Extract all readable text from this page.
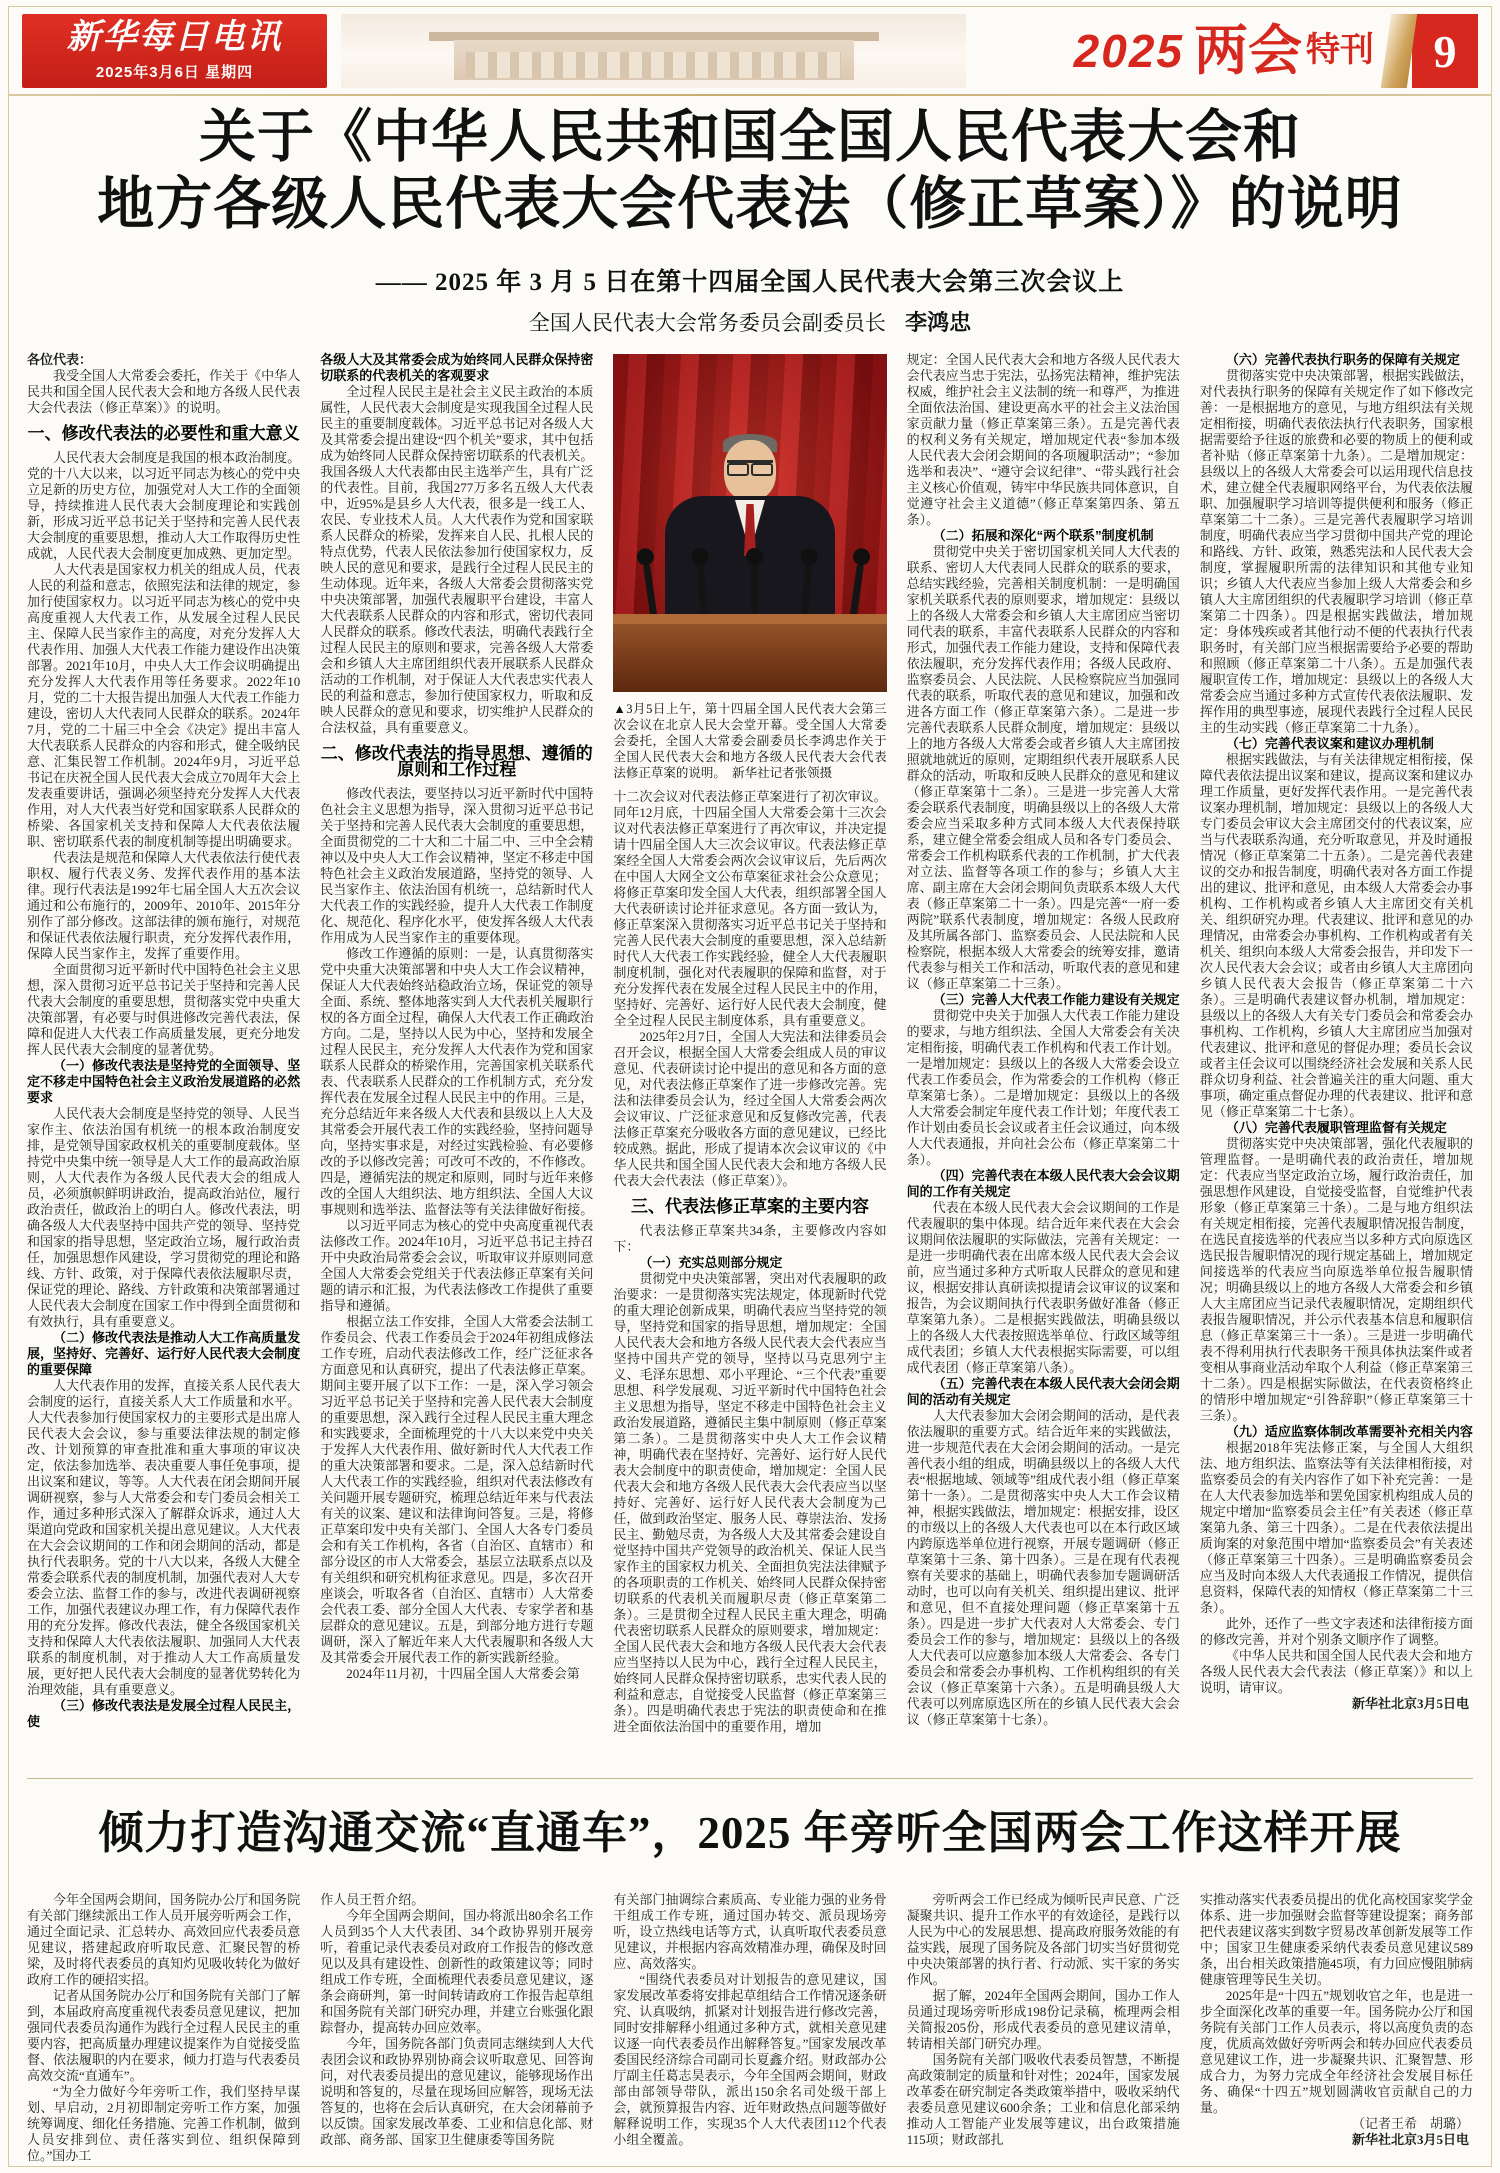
新华每日电讯
2025年3月6日 星期四	2025 两会 特刊	9
关于《中华人民共和国全国人民代表大会和
地方各级人民代表大会代表法（修正草案）》的说明
—— 2025 年 3 月 5 日在第十四届全国人民代表大会第三次会议上
全国人民代表大会常务委员会副委员长 李鸿忠
各位代表：
我受全国人大常委会委托，作关于《中华人民共和国全国人民代表大会和地方各级人民代表大会代表法（修正草案）》的说明。
一、修改代表法的必要性和重大意义
人民代表大会制度是我国的根本政治制度。党的十八大以来，以习近平同志为核心的党中央立足新的历史方位，加强党对人大工作的全面领导，持续推进人民代表大会制度理论和实践创新，形成习近平总书记关于坚持和完善人民代表大会制度的重要思想，推动人大工作取得历史性成就，人民代表大会制度更加成熟、更加定型。
人大代表是国家权力机关的组成人员，代表人民的利益和意志，依照宪法和法律的规定，参加行使国家权力。以习近平同志为核心的党中央高度重视人大代表工作，从发展全过程人民民主、保障人民当家作主的高度，对充分发挥人大代表作用、加强人大代表工作能力建设作出决策部署。2021年10月，中央人大工作会议明确提出充分发挥人大代表作用等任务要求。2022年10月，党的二十大报告提出加强人大代表工作能力建设，密切人大代表同人民群众的联系。2024年7月，党的二十届三中全会《决定》提出丰富人大代表联系人民群众的内容和形式，健全吸纳民意、汇集民智工作机制。2024年9月，习近平总书记在庆祝全国人民代表大会成立70周年大会上发表重要讲话，强调必须坚持充分发挥人大代表作用，对人大代表当好党和国家联系人民群众的桥梁、各国家机关支持和保障人大代表依法履职、密切联系代表的制度机制等提出明确要求。
代表法是规范和保障人大代表依法行使代表职权、履行代表义务、发挥代表作用的基本法律。现行代表法是1992年七届全国人大五次会议通过和公布施行的，2009年、2010年、2015年分别作了部分修改。这部法律的颁布施行，对规范和保证代表依法履行职责，充分发挥代表作用，保障人民当家作主，发挥了重要作用。
全面贯彻习近平新时代中国特色社会主义思想，深入贯彻习近平总书记关于坚持和完善人民代表大会制度的重要思想，贯彻落实党中央重大决策部署，有必要与时俱进修改完善代表法，保障和促进人大代表工作高质量发展，更充分地发挥人民代表大会制度的显著优势。
（一）修改代表法是坚持党的全面领导、坚定不移走中国特色社会主义政治发展道路的必然要求
人民代表大会制度是坚持党的领导、人民当家作主、依法治国有机统一的根本政治制度安排，是党领导国家政权机关的重要制度载体。坚持党中央集中统一领导是人大工作的最高政治原则，人大代表作为各级人民代表大会的组成人员，必须旗帜鲜明讲政治，提高政治站位，履行政治责任，做政治上的明白人。修改代表法，明确各级人大代表坚持中国共产党的领导、坚持党和国家的指导思想，坚定政治立场，履行政治责任，加强思想作风建设，学习贯彻党的理论和路线、方针、政策，对于保障代表依法履职尽责，保证党的理论、路线、方针政策和决策部署通过人民代表大会制度在国家工作中得到全面贯彻和有效执行，具有重要意义。
（二）修改代表法是推动人大工作高质量发展，坚持好、完善好、运行好人民代表大会制度的重要保障
人大代表作用的发挥，直接关系人民代表大会制度的运行，直接关系人大工作质量和水平。人大代表参加行使国家权力的主要形式是出席人民代表大会会议，参与重要法律法规的制定修改、计划预算的审查批准和重大事项的审议决定，依法参加选举、表决重要人事任免事项，提出议案和建议，等等。人大代表在闭会期间开展调研视察，参与人大常委会和专门委员会相关工作，通过多种形式深入了解群众诉求，通过人大渠道向党政和国家机关提出意见建议。人大代表在大会会议期间的工作和闭会期间的活动，都是执行代表职务。党的十八大以来，各级人大健全常委会联系代表的制度机制，加强代表对人大专委会立法、监督工作的参与，改进代表调研视察工作，加强代表建议办理工作，有力保障代表作用的充分发挥。修改代表法，健全各级国家机关支持和保障人大代表依法履职、加强同人大代表联系的制度机制，对于推动人大工作高质量发展，更好把人民代表大会制度的显著优势转化为治理效能，具有重要意义。
（三）修改代表法是发展全过程人民民主，使
各级人大及其常委会成为始终同人民群众保持密切联系的代表机关的客观要求
全过程人民民主是社会主义民主政治的本质属性，人民代表大会制度是实现我国全过程人民民主的重要制度载体。习近平总书记对各级人大及其常委会提出建设“四个机关”要求，其中包括成为始终同人民群众保持密切联系的代表机关。我国各级人大代表都由民主选举产生，具有广泛的代表性。目前，我国277万多名五级人大代表中，近95%是县乡人大代表，很多是一线工人、农民、专业技术人员。人大代表作为党和国家联系人民群众的桥梁，发挥来自人民、扎根人民的特点优势，代表人民依法参加行使国家权力，反映人民的意见和要求，是践行全过程人民民主的生动体现。近年来，各级人大常委会贯彻落实党中央决策部署，加强代表履职平台建设，丰富人大代表联系人民群众的内容和形式，密切代表同人民群众的联系。修改代表法，明确代表践行全过程人民民主的原则和要求，完善各级人大常委会和乡镇人大主席团组织代表开展联系人民群众活动的工作机制，对于保证人大代表忠实代表人民的利益和意志，参加行使国家权力，听取和反映人民群众的意见和要求，切实维护人民群众的合法权益，具有重要意义。
二、修改代表法的指导思想、遵循的原则和工作过程
修改代表法，要坚持以习近平新时代中国特色社会主义思想为指导，深入贯彻习近平总书记关于坚持和完善人民代表大会制度的重要思想，全面贯彻党的二十大和二十届二中、三中全会精神以及中央人大工作会议精神，坚定不移走中国特色社会主义政治发展道路，坚持党的领导、人民当家作主、依法治国有机统一，总结新时代人大代表工作的实践经验，提升人大代表工作制度化、规范化、程序化水平，使发挥各级人大代表作用成为人民当家作主的重要体现。
修改工作遵循的原则：一是，认真贯彻落实党中央重大决策部署和中央人大工作会议精神，保证人大代表始终站稳政治立场，保证党的领导全面、系统、整体地落实到人大代表机关履职行权的各方面全过程，确保人大代表工作正确政治方向。二是，坚持以人民为中心，坚持和发展全过程人民民主，充分发挥人大代表作为党和国家联系人民群众的桥梁作用，完善国家机关联系代表、代表联系人民群众的工作机制方式，充分发挥代表在发展全过程人民民主中的作用。三是，充分总结近年来各级人大代表和县级以上人大及其常委会开展代表工作的实践经验，坚持问题导向，坚持实事求是，对经过实践检验、有必要修改的予以修改完善；可改可不改的，不作修改。四是，遵循宪法的规定和原则，同时与近年来修改的全国人大组织法、地方组织法、全国人大议事规则和选举法、监督法等有关法律做好衔接。
以习近平同志为核心的党中央高度重视代表法修改工作。2024年10月，习近平总书记主持召开中央政治局常委会会议，听取审议并原则同意全国人大常委会党组关于代表法修正草案有关问题的请示和汇报，为代表法修改工作提供了重要指导和遵循。
根据立法工作安排，全国人大常委会法制工作委员会、代表工作委员会于2024年初组成修法工作专班，启动代表法修改工作，经广泛征求各方面意见和认真研究，提出了代表法修正草案。期间主要开展了以下工作：一是，深入学习领会习近平总书记关于坚持和完善人民代表大会制度的重要思想，深入践行全过程人民民主重大理念和实践要求，全面梳理党的十八大以来党中央关于发挥人大代表作用、做好新时代人大代表工作的重大决策部署和要求。二是，深入总结新时代人大代表工作的实践经验，组织对代表法修改有关问题开展专题研究，梳理总结近年来与代表法有关的议案、建议和法律询问答复。三是，将修正草案印发中央有关部门、全国人大各专门委员会和有关工作机构，各省（自治区、直辖市）和部分设区的市人大常委会，基层立法联系点以及有关组织和研究机构征求意见。四是，多次召开座谈会，听取各省（自治区、直辖市）人大常委会代表工委、部分全国人大代表、专家学者和基层群众的意见建议。五是，到部分地方进行专题调研，深入了解近年来人大代表履职和各级人大及其常委会开展代表工作的新实践新经验。
2024年11月初，十四届全国人大常委会第
▲3月5日上午，第十四届全国人民代表大会第三次会议在北京人民大会堂开幕。受全国人大常委会委托，全国人大常委会副委员长李鸿忠作关于全国人民代表大会和地方各级人民代表大会代表法修正草案的说明。　新华社记者张领摄
十二次会议对代表法修正草案进行了初次审议。同年12月底，十四届全国人大常委会第十三次会议对代表法修正草案进行了再次审议，并决定提请十四届全国人大三次会议审议。代表法修正草案经全国人大常委会两次会议审议后，先后两次在中国人大网全文公布草案征求社会公众意见；将修正草案印发全国人大代表，组织部署全国人大代表研读讨论并征求意见。各方面一致认为，修正草案深入贯彻落实习近平总书记关于坚持和完善人民代表大会制度的重要思想，深入总结新时代人大代表工作实践经验，健全人大代表履职制度机制，强化对代表履职的保障和监督，对于充分发挥代表在发展全过程人民民主中的作用，坚持好、完善好、运行好人民代表大会制度，健全全过程人民民主制度体系，具有重要意义。
2025年2月7日，全国人大宪法和法律委员会召开会议，根据全国人大常委会组成人员的审议意见、代表研读讨论中提出的意见和各方面的意见，对代表法修正草案作了进一步修改完善。宪法和法律委员会认为，经过全国人大常委会两次会议审议、广泛征求意见和反复修改完善，代表法修正草案充分吸收各方面的意见建议，已经比较成熟。据此，形成了提请本次会议审议的《中华人民共和国全国人民代表大会和地方各级人民代表大会代表法（修正草案）》。
三、代表法修正草案的主要内容
代表法修正草案共34条，主要修改内容如下：
（一）充实总则部分规定
贯彻党中央决策部署，突出对代表履职的政治要求：一是贯彻落实宪法规定，体现新时代党的重大理论创新成果，明确代表应当坚持党的领导，坚持党和国家的指导思想，增加规定：全国人民代表大会和地方各级人民代表大会代表应当坚持中国共产党的领导，坚持以马克思列宁主义、毛泽东思想、邓小平理论、“三个代表”重要思想、科学发展观、习近平新时代中国特色社会主义思想为指导，坚定不移走中国特色社会主义政治发展道路，遵循民主集中制原则（修正草案第二条）。二是贯彻落实中央人大工作会议精神，明确代表在坚持好、完善好、运行好人民代表大会制度中的职责使命，增加规定：全国人民代表大会和地方各级人民代表大会代表应当以坚持好、完善好、运行好人民代表大会制度为己任，做到政治坚定、服务人民、尊崇法治、发扬民主、勤勉尽责，为各级人大及其常委会建设自觉坚持中国共产党领导的政治机关、保证人民当家作主的国家权力机关、全面担负宪法法律赋予的各项职责的工作机关、始终同人民群众保持密切联系的代表机关而履职尽责（修正草案第二条）。三是贯彻全过程人民民主重大理念，明确代表密切联系人民群众的原则要求，增加规定：全国人民代表大会和地方各级人民代表大会代表应当坚持以人民为中心，践行全过程人民民主，始终同人民群众保持密切联系，忠实代表人民的利益和意志，自觉接受人民监督（修正草案第三条）。四是明确代表忠于宪法的职责使命和在推进全面依法治国中的重要作用，增加
规定：全国人民代表大会和地方各级人民代表大会代表应当忠于宪法，弘扬宪法精神，维护宪法权威，维护社会主义法制的统一和尊严，为推进全面依法治国、建设更高水平的社会主义法治国家贡献力量（修正草案第三条）。五是完善代表的权利义务有关规定，增加规定代表“参加本级人民代表大会闭会期间的各项履职活动”；“参加选举和表决”、“遵守会议纪律”、“带头践行社会主义核心价值观，铸牢中华民族共同体意识，自觉遵守社会主义道德”（修正草案第四条、第五条）。
（二）拓展和深化“两个联系”制度机制
贯彻党中央关于密切国家机关同人大代表的联系、密切人大代表同人民群众的联系的要求，总结实践经验，完善相关制度机制：一是明确国家机关联系代表的原则要求，增加规定：县级以上的各级人大常委会和乡镇人大主席团应当密切同代表的联系，丰富代表联系人民群众的内容和形式，加强代表工作能力建设，支持和保障代表依法履职，充分发挥代表作用；各级人民政府、监察委员会、人民法院、人民检察院应当加强同代表的联系，听取代表的意见和建议，加强和改进各方面工作（修正草案第六条）。二是进一步完善代表联系人民群众制度，增加规定：县级以上的地方各级人大常委会或者乡镇人大主席团按照就地就近的原则，定期组织代表开展联系人民群众的活动，听取和反映人民群众的意见和建议（修正草案第十二条）。三是进一步完善人大常委会联系代表制度，明确县级以上的各级人大常委会应当采取多种方式同本级人大代表保持联系，建立健全常委会组成人员和各专门委员会、常委会工作机构联系代表的工作机制，扩大代表对立法、监督等各项工作的参与；乡镇人大主席、副主席在大会闭会期间负责联系本级人大代表（修正草案第二十一条）。四是完善“一府一委两院”联系代表制度，增加规定：各级人民政府及其所属各部门、监察委员会、人民法院和人民检察院，根据本级人大常委会的统筹安排，邀请代表参与相关工作和活动，听取代表的意见和建议（修正草案第二十三条）。
（三）完善人大代表工作能力建设有关规定
贯彻党中央关于加强人大代表工作能力建设的要求，与地方组织法、全国人大常委会有关决定相衔接，明确代表工作机构和代表工作计划。一是增加规定：县级以上的各级人大常委会设立代表工作委员会，作为常委会的工作机构（修正草案第七条）。二是增加规定：县级以上的各级人大常委会制定年度代表工作计划；年度代表工作计划由委员长会议或者主任会议通过，向本级人大代表通报，并向社会公布（修正草案第二十条）。
（四）完善代表在本级人民代表大会会议期间的工作有关规定
代表在本级人民代表大会会议期间的工作是代表履职的集中体现。结合近年来代表在大会会议期间依法履职的实际做法，完善有关规定：一是进一步明确代表在出席本级人民代表大会会议前，应当通过多种方式听取人民群众的意见和建议，根据安排认真研读拟提请会议审议的议案和报告，为会议期间执行代表职务做好准备（修正草案第九条）。二是根据实践做法，明确县级以上的各级人大代表按照选举单位、行政区域等组成代表团；乡镇人大代表根据实际需要，可以组成代表团（修正草案第八条）。
（五）完善代表在本级人民代表大会闭会期间的活动有关规定
人大代表参加大会闭会期间的活动，是代表依法履职的重要方式。结合近年来的实践做法，进一步规范代表在大会闭会期间的活动。一是完善代表小组的组成，明确县级以上的各级人大代表“根据地域、领域等”组成代表小组（修正草案第十一条）。二是贯彻落实中央人大工作会议精神，根据实践做法，增加规定：根据安排，设区的市级以上的各级人大代表也可以在本行政区域内跨原选举单位进行视察，开展专题调研（修正草案第十三条、第十四条）。三是在现有代表视察有关要求的基础上，明确代表参加专题调研活动时，也可以向有关机关、组织提出建议、批评和意见，但不直接处理问题（修正草案第十五条）。四是进一步扩大代表对人大常委会、专门委员会工作的参与，增加规定：县级以上的各级人大代表可以应邀参加本级人大常委会、各专门委员会和常委会办事机构、工作机构组织的有关会议（修正草案第十六条）。五是明确县级人大代表可以列席原选区所在的乡镇人民代表大会会议（修正草案第十七条）。
（六）完善代表执行职务的保障有关规定
贯彻落实党中央决策部署，根据实践做法，对代表执行职务的保障有关规定作了如下修改完善：一是根据地方的意见，与地方组织法有关规定相衔接，明确代表依法执行代表职务，国家根据需要给予往返的旅费和必要的物质上的便利或者补贴（修正草案第十九条）。二是增加规定：县级以上的各级人大常委会可以运用现代信息技术，建立健全代表履职网络平台，为代表依法履职、加强履职学习培训等提供便利和服务（修正草案第二十二条）。三是完善代表履职学习培训制度，明确代表应当学习贯彻中国共产党的理论和路线、方针、政策，熟悉宪法和人民代表大会制度，掌握履职所需的法律知识和其他专业知识；乡镇人大代表应当参加上级人大常委会和乡镇人大主席团组织的代表履职学习培训（修正草案第二十四条）。四是根据实践做法，增加规定：身体残疾或者其他行动不便的代表执行代表职务时，有关部门应当根据需要给予必要的帮助和照顾（修正草案第二十八条）。五是加强代表履职宣传工作，增加规定：县级以上的各级人大常委会应当通过多种方式宣传代表依法履职、发挥作用的典型事迹，展现代表践行全过程人民民主的生动实践（修正草案第二十九条）。
（七）完善代表议案和建议办理机制
根据实践做法，与有关法律规定相衔接，保障代表依法提出议案和建议，提高议案和建议办理工作质量，更好发挥代表作用。一是完善代表议案办理机制，增加规定：县级以上的各级人大专门委员会审议大会主席团交付的代表议案，应当与代表联系沟通，充分听取意见，并及时通报情况（修正草案第二十五条）。二是完善代表建议的交办和报告制度，明确代表对各方面工作提出的建议、批评和意见，由本级人大常委会办事机构、工作机构或者乡镇人大主席团交有关机关、组织研究办理。代表建议、批评和意见的办理情况，由常委会办事机构、工作机构或者有关机关、组织向本级人大常委会报告，并印发下一次人民代表大会会议；或者由乡镇人大主席团向乡镇人民代表大会报告（修正草案第二十六条）。三是明确代表建议督办机制，增加规定：县级以上的各级人大有关专门委员会和常委会办事机构、工作机构，乡镇人大主席团应当加强对代表建议、批评和意见的督促办理；委员长会议或者主任会议可以围绕经济社会发展和关系人民群众切身利益、社会普遍关注的重大问题、重大事项，确定重点督促办理的代表建议、批评和意见（修正草案第二十七条）。
（八）完善代表履职管理监督有关规定
贯彻落实党中央决策部署，强化代表履职的管理监督。一是明确代表的政治责任，增加规定：代表应当坚定政治立场，履行政治责任，加强思想作风建设，自觉接受监督，自觉维护代表形象（修正草案第三十条）。二是与地方组织法有关规定相衔接，完善代表履职情况报告制度，在选民直接选举的代表应当以多种方式向原选区选民报告履职情况的现行规定基础上，增加规定间接选举的代表应当向原选举单位报告履职情况；明确县级以上的地方各级人大常委会和乡镇人大主席团应当记录代表履职情况，定期组织代表报告履职情况，并公示代表基本信息和履职信息（修正草案第三十一条）。三是进一步明确代表不得利用执行代表职务干预具体执法案件或者变相从事商业活动牟取个人利益（修正草案第三十二条）。四是根据实际做法，在代表资格终止的情形中增加规定“引咎辞职”（修正草案第三十三条）。
（九）适应监察体制改革需要补充相关内容
根据2018年宪法修正案，与全国人大组织法、地方组织法、监察法等有关法律相衔接，对监察委员会的有关内容作了如下补充完善：一是在人大代表参加选举和罢免国家机构组成人员的规定中增加“监察委员会主任”有关表述（修正草案第九条、第三十四条）。二是在代表依法提出质询案的对象范围中增加“监察委员会”有关表述（修正草案第三十四条）。三是明确监察委员会应当及时向本级人大代表通报工作情况，提供信息资料，保障代表的知情权（修正草案第二十三条）。
此外，还作了一些文字表述和法律衔接方面的修改完善，并对个别条文顺序作了调整。
《中华人民共和国全国人民代表大会和地方各级人民代表大会代表法（修正草案）》和以上说明，请审议。
新华社北京3月5日电
倾力打造沟通交流“直通车”，2025 年旁听全国两会工作这样开展
今年全国两会期间，国务院办公厅和国务院有关部门继续派出工作人员开展旁听两会工作，通过全面记录、汇总转办、高效回应代表委员意见建议，搭建起政府听取民意、汇聚民智的桥梁，及时将代表委员的真知灼见吸收转化为做好政府工作的硬招实招。
记者从国务院办公厅和国务院有关部门了解到，本届政府高度重视代表委员意见建议，把加强同代表委员沟通作为践行全过程人民民主的重要内容，把高质量办理建议提案作为自觉接受监督、依法履职的内在要求，倾力打造与代表委员高效交流“直通车”。
“为全力做好今年旁听工作，我们坚持早谋划、早启动，2月初即制定旁听工作方案，加强统筹调度、细化任务措施、完善工作机制，做到人员安排到位、责任落实到位、组织保障到位。”国办工
作人员王哲介绍。
今年全国两会期间，国办将派出80余名工作人员到35个人大代表团、34个政协界别开展旁听，着重记录代表委员对政府工作报告的修改意见以及具有建设性、创新性的政策建议等；同时组成工作专班，全面梳理代表委员意见建议，逐条会商研判，第一时间转请政府工作报告起草组和国务院有关部门研究办理，并建立台账强化跟踪督办，提高转办回应效率。
今年，国务院各部门负责同志继续到人大代表团会议和政协界别协商会议听取意见、回答询问，对代表委员提出的意见建议，能够现场作出说明和答复的，尽量在现场回应解答，现场无法答复的，也将在会后认真研究，在大会闭幕前予以反馈。国家发展改革委、工业和信息化部、财政部、商务部、国家卫生健康委等国务院
有关部门抽调综合素质高、专业能力强的业务骨干组成工作专班，通过国办转交、派员现场旁听，设立热线电话等方式，认真听取代表委员意见建议，并根据内容高效精准办理，确保及时回应、高效落实。
“围绕代表委员对计划报告的意见建议，国家发展改革委将安排起草组结合工作情况逐条研究、认真吸纳，抓紧对计划报告进行修改完善，同时安排解释小组通过多种方式，就相关意见建议逐一向代表委员作出解释答复。”国家发展改革委国民经济综合司副司长夏鑫介绍。财政部办公厅副主任葛志昊表示，今年全国两会期间，财政部由部领导带队，派出150余名司处级干部上会，就预算报告内容、近年财政热点问题等做好解释说明工作，实现35个人大代表团112个代表小组全覆盖。
旁听两会工作已经成为倾听民声民意、广泛凝聚共识、提升工作水平的有效途径，是践行以人民为中心的发展思想、提高政府服务效能的有益实践，展现了国务院及各部门切实当好贯彻党中央决策部署的执行者、行动派、实干家的务实作风。
据了解，2024年全国两会期间，国办工作人员通过现场旁听形成198份记录稿，梳理两会相关简报205份，形成代表委员的意见建议清单，转请相关部门研究办理。
国务院有关部门吸收代表委员智慧，不断提高政策制定的质量和针对性；2024年，国家发展改革委在研究制定各类政策举措中，吸收采纳代表委员意见建议600余条；工业和信息化部采纳推动人工智能产业发展等建议，出台政策措施115项；财政部扎
实推动落实代表委员提出的优化高校国家奖学金体系、进一步加强财会监督等建设提案；商务部把代表建议落实到数字贸易改革创新发展等工作中；国家卫生健康委采纳代表委员意见建议589条，出台相关政策措施45项，有力回应慢阻肺病健康管理等民生关切。
2025年是“十四五”规划收官之年，也是进一步全面深化改革的重要一年。国务院办公厅和国务院有关部门工作人员表示，将以高度负责的态度，优质高效做好旁听两会和转办回应代表委员意见建议工作，进一步凝聚共识、汇聚智慧、形成合力，为努力完成全年经济社会发展目标任务、确保“十四五”规划圆满收官贡献自己的力量。
（记者王希　胡璐）
新华社北京3月5日电
